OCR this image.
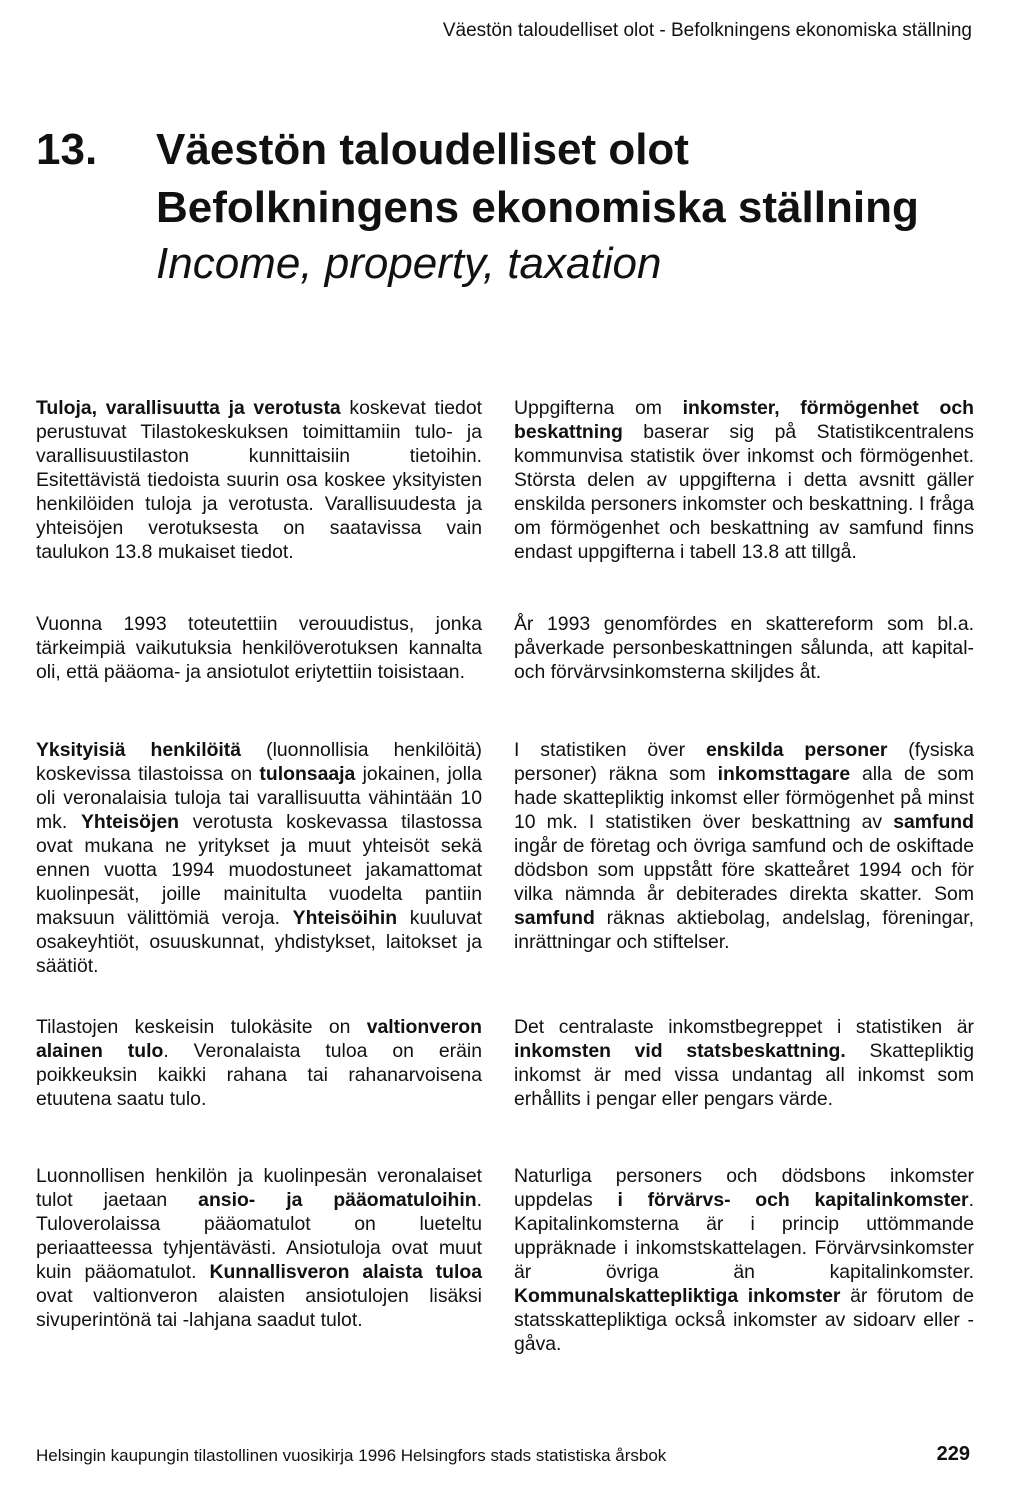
Väestön taloudelliset olot - Befolkningens ekonomiska ställning
13. Väestön taloudelliset olot
Befolkningens ekonomiska ställning
Income, property, taxation

Tuloja, varallisuutta ja verotusta koskevat tiedot perustuvat Tilastokeskuksen toimittamiin tulo- ja varallisuustilaston kunnittaisiin tietoihin. Esitettävistä tiedoista suurin osa koskee yksityisten henkilöiden tuloja ja verotusta. Varallisuudesta ja yhteisöjen verotuksesta on saatavissa vain taulukon 13.8 mukaiset tiedot.

Vuonna 1993 toteutettiin verouudistus, jonka tärkeimpiä vaikutuksia henkilöverotuksen kannalta oli, että pääoma- ja ansiotulot eriytettiin toisistaan.

Yksityisiä henkilöitä (luonnollisia henkilöitä) koskevissa tilastoissa on tulonsaaja jokainen, jolla oli veronalaisia tuloja tai varallisuutta vähintään 10 mk. Yhteisöjen verotusta koskevassa tilastossa ovat mukana ne yritykset ja muut yhteisöt sekä ennen vuotta 1994 muodostuneet jakamattomat kuolinpesät, joille mainitulta vuodelta pantiin maksuun välittömiä veroja. Yhteisöihin kuuluvat osakeyhtiöt, osuuskunnat, yhdistykset, laitokset ja säätiöt.

Tilastojen keskeisin tulokäsite on valtionveron alainen tulo. Veronalaista tuloa on eräin poikkeuksin kaikki rahana tai rahanarvoisena etuutena saatu tulo.

Luonnollisen henkilön ja kuolinpesän veronalaiset tulot jaetaan ansio- ja pääomatuloihin. Tuloverolaissa pääomatulot on lueteltu periaatteessa tyhjentävästi. Ansiotuloja ovat muut kuin pääomatulot. Kunnallisveron alaista tuloa ovat valtionveron alaisten ansiotulojen lisäksi sivuperintönä tai -lahjana saadut tulot.

Uppgifterna om inkomster, förmögenhet och beskattning baserar sig på Statistikcentralens kommunvisa statistik över inkomst och förmögenhet. Största delen av uppgifterna i detta avsnitt gäller enskilda personers inkomster och beskattning. I fråga om förmögenhet och beskattning av samfund finns endast uppgifterna i tabell 13.8 att tillgå.

År 1993 genomfördes en skattereform som bl.a. påverkade personbeskattningen sålunda, att kapital- och förvärvsinkomsterna skiljdes åt.

I statistiken över enskilda personer (fysiska personer) räkna som inkomsttagare alla de som hade skattepliktig inkomst eller förmögenhet på minst 10 mk. I statistiken över beskattning av samfund ingår de företag och övriga samfund och de oskiftade dödsbon som uppstått före skatteåret 1994 och för vilka nämnda år debiterades direkta skatter. Som samfund räknas aktiebolag, andelslag, föreningar, inrättningar och stiftelser.

Det centralaste inkomstbegreppet i statistiken är inkomsten vid statsbeskattning. Skattepliktig inkomst är med vissa undantag all inkomst som erhållits i pengar eller pengars värde.

Naturliga personers och dödsbons inkomster uppdelas i förvärvs- och kapitalinkomster. Kapitalinkomsterna är i princip uttömmande uppräknade i inkomstskattelagen. Förvärvsinkomster är övriga än kapitalinkomster. Kommunalskattepliktiga inkomster är förutom de statsskattepliktiga också inkomster av sidoarv eller -gåva.

Helsingin kaupungin tilastollinen vuosikirja 1996 Helsingfors stads statistiska årsbok	229
